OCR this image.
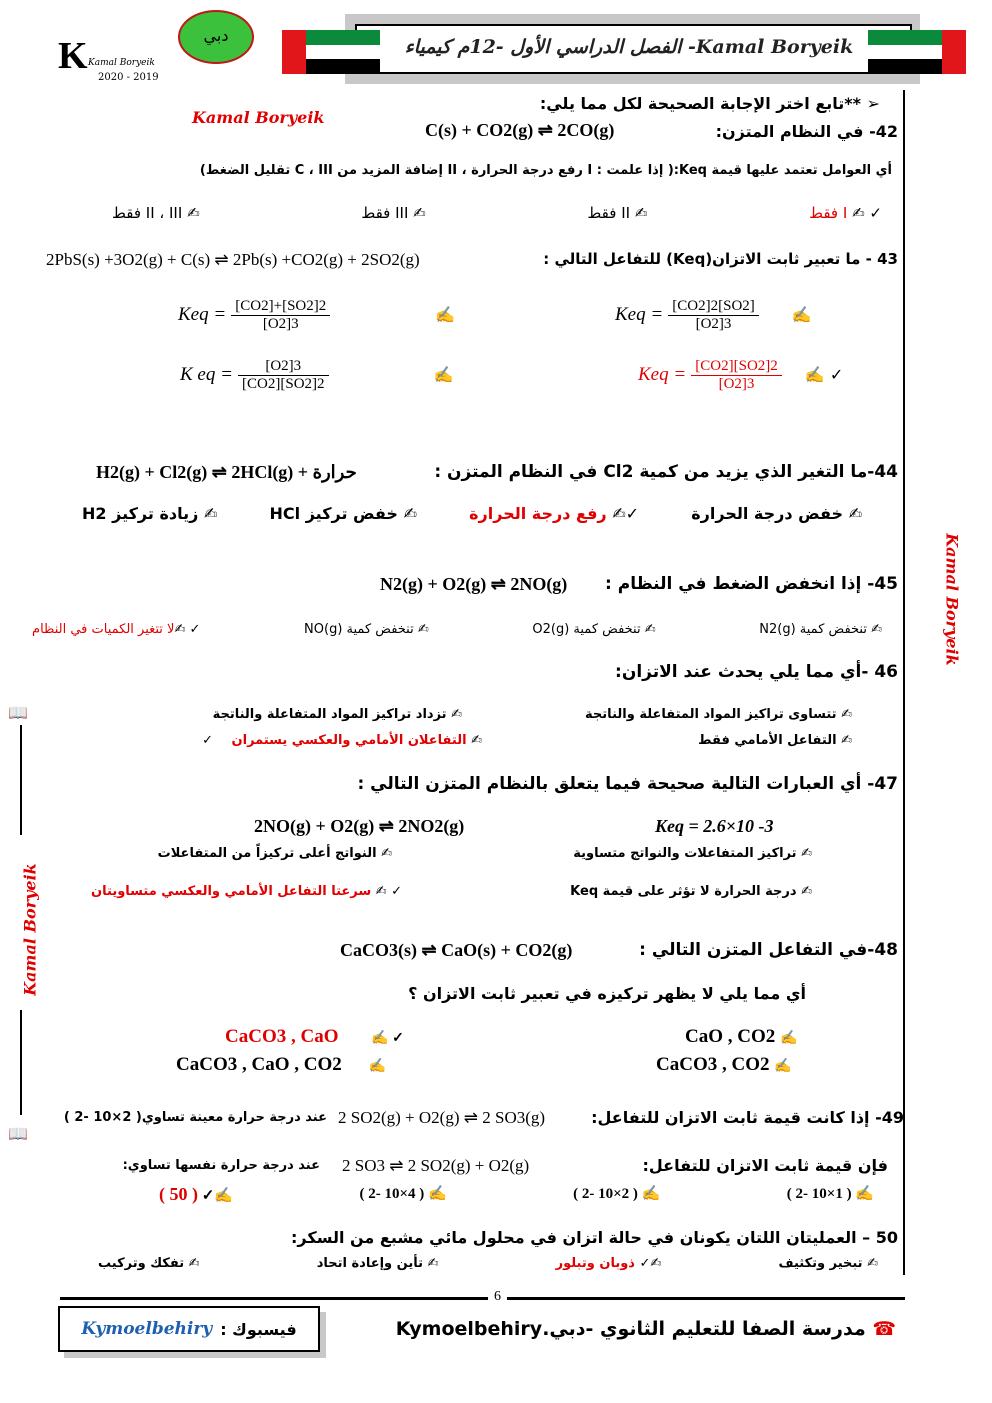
Kamal Boryeik- الفصل الدراسي الأول -12م كيمياء
دبي
K Kamal Boryeik
2020 - 2019
Kamal Boryeik
📖
Kamal Boryeik
📖
Kamal Boryeik
➢ **تابع اختر الإجابة الصحيحة لكل مما يلي:
42- في النظام المتزن:
C(s) + CO2(g) ⇌ 2CO(g)
أي العوامل تعتمد عليها قيمة Keq:( إذا علمت : I رفع درجة الحرارة ، II إضافة المزيد من C ، III تقليل الضغط)
✓ ✍ I فقط
✍ II فقط
✍ III فقط
✍ II ، III فقط
43 - ما تعبير ثابت الاتزان(Keq) للتفاعل التالي :
2PbS(s) +3O2(g) + C(s) ⇌ 2Pb(s) +CO2(g) + 2SO2(g)
Keq = $\frac{[CO2]2[SO2]}{[O2]3}$
✍
Keq = $\frac{[CO2]+[SO2]2}{[O2]3}$
✍
Keq = $\frac{[CO2][SO2]2}{[O2]3}$ ✍	✓
K eq = $\frac{[O2]3}{[CO2][SO2]2}$
✍
44-ما التغير الذي يزيد من كمية Cl2 في النظام المتزن :
H2(g) + Cl2(g) ⇌ 2HCl(g) + حرارة
✍ خفض درجة الحرارة
✓✍ رفع درجة الحرارة
✍ خفض تركيز HCl
✍ زيادة تركيز H2
45- إذا انخفض الضغط في النظام :
N2(g) + O2(g) ⇌ 2NO(g)
✍ تنخفض كمية N2(g)
✍ تنخفض كمية O2(g)
✍ تنخفض كمية NO(g)
✓ ✍ لا تتغير الكميات في النظام
46 -أي مما يلي يحدث عند الاتزان:
✍ تتساوى تراكيز المواد المتفاعلة والناتجة
✍ تزداد تراكيز المواد المتفاعلة والناتجة
✍ التفاعل الأمامي فقط
✍ التفاعلان الأمامي والعكسي يستمران ✓
47- أي العبارات التالية صحيحة فيما يتعلق بالنظام المتزن التالي :
2NO(g) + O2(g) ⇌ 2NO2(g)	Keq = 2.6×10 -3
✍ تراكيز المتفاعلات والنواتج متساوية
✍ النواتج أعلى تركيزاً من المتفاعلات
✍ درجة الحرارة لا تؤثر على قيمة Keq
✓ ✍ سرعتا التفاعل الأمامي والعكسي متساويتان
48-في التفاعل المتزن التالي :
CaCO3(s) ⇌ CaO(s) + CO2(g)
أي مما يلي لا يظهر تركيزه في تعبير ثابت الاتزان ؟
CaO , CO2 ✍
CaCO3 , CaO ✍	✓
CaCO3 , CO2 ✍
CaCO3 , CaO , CO2 ✍
49- إذا كانت قيمة ثابت الاتزان للتفاعل:
2 SO2(g) + O2(g) ⇌ 2 SO3(g)
عند درجة حرارة معينة تساوي( 2×10 -2 )
فإن قيمة ثابت الاتزان للتفاعل:
2 SO3 ⇌ 2 SO2(g) + O2(g)
عند درجة حرارة نفسها تساوي:
✍ ( 1×10 -2 )
✍ ( 2×10 -2 )
✍ ( 4×10 -2 )
✍ ✓ ( 50 )
50 – العمليتان اللتان يكونان في حالة اتزان في محلول مائي مشبع من السكر:
✍ تبخير وتكثيف
✍ ✓ ذوبان وتبلور
✍ تأين وإعادة اتحاد
✍ تفكك وتركيب
6
☎ مدرسة الصفا للتعليم الثانوي -دبي.Kymoelbehiry
فيسبوك :
Kymoelbehiry
